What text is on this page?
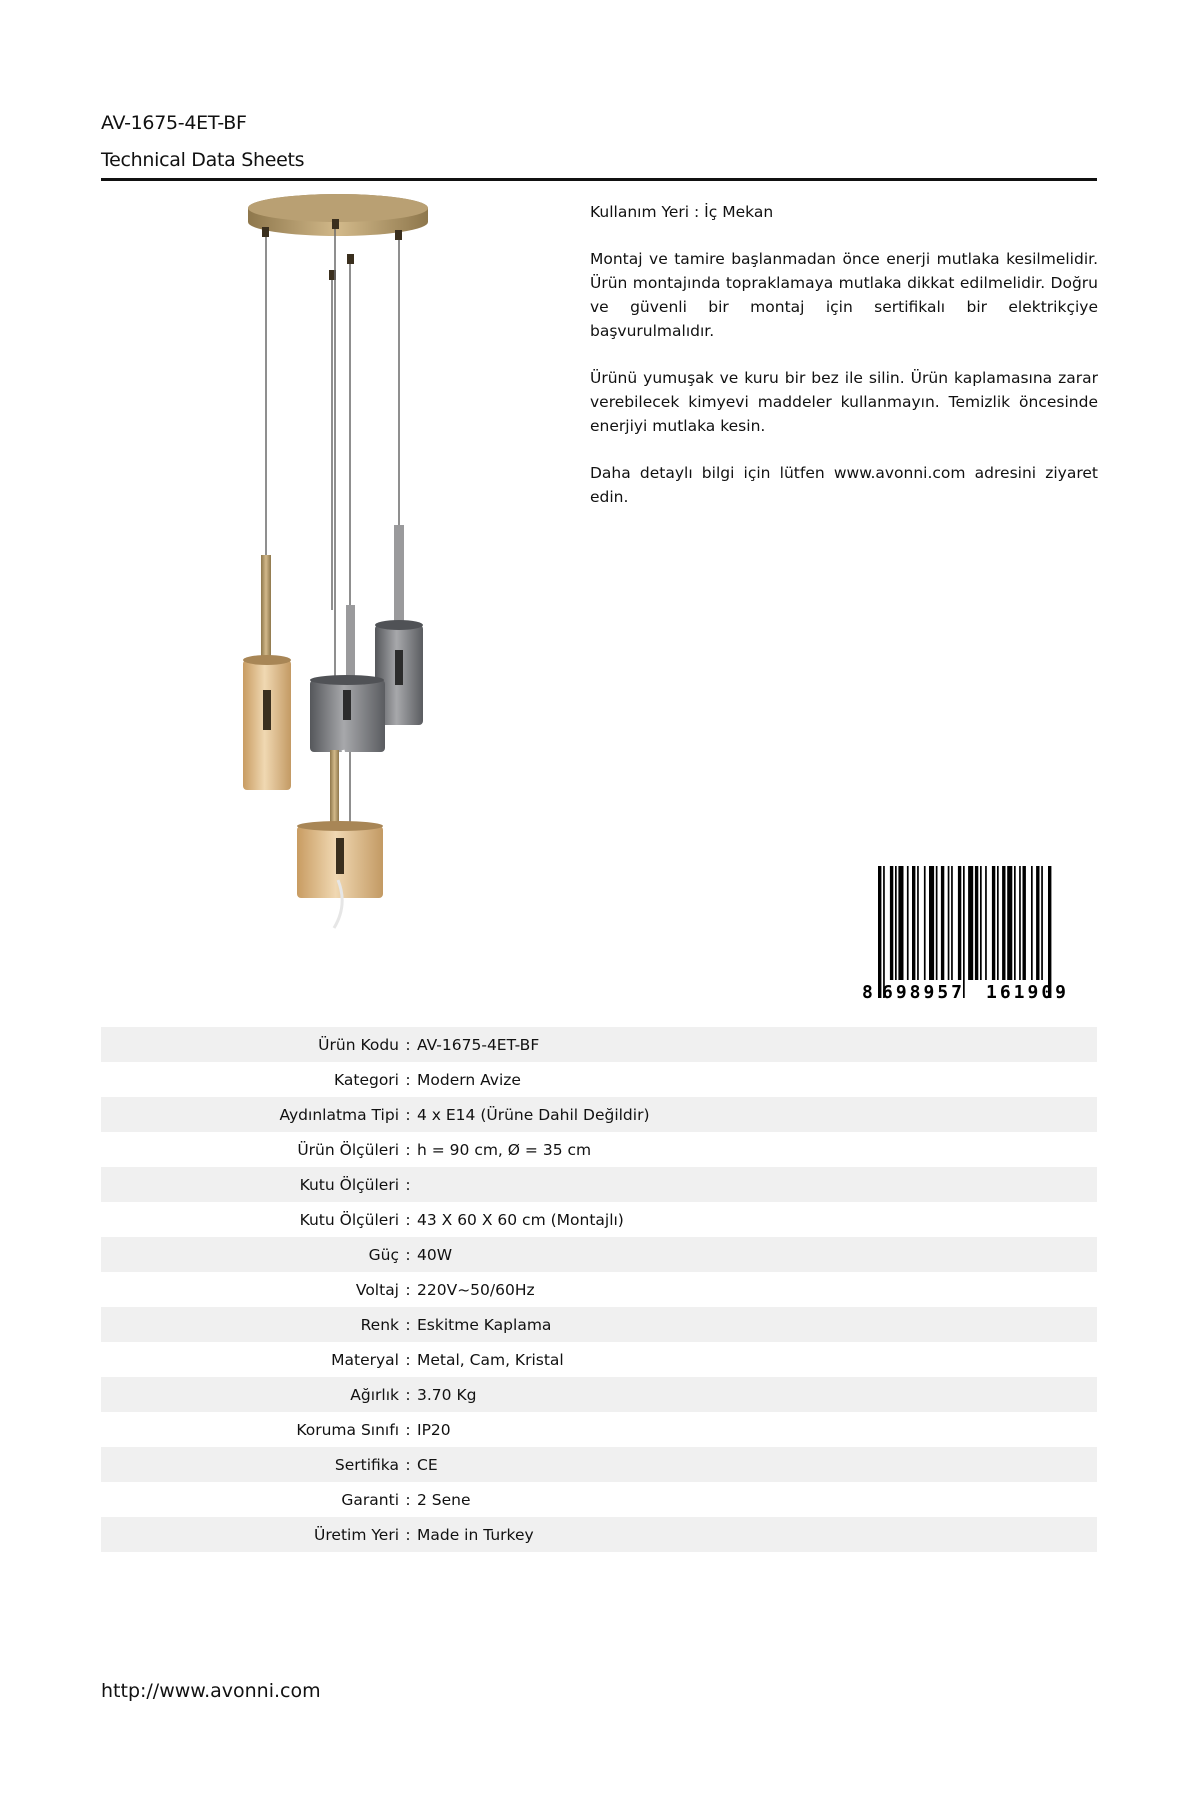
AV-1675-4ET-BF
Technical Data Sheets

Kullanım Yeri : İç Mekan

Montaj ve tamire başlanmadan önce enerji mutlaka kesilmelidir. Ürün montajında topraklamaya mutlaka dikkat edilmelidir. Doğru ve güvenli bir montaj için sertifikalı bir elektrikçiye başvurulmalıdır.

Ürünü yumuşak ve kuru bir bez ile silin. Ürün kaplamasına zarar verebilecek kimyevi maddeler kullanmayın. Temizlik öncesinde enerjiyi mutlaka kesin.

Daha detaylı bilgi için lütfen www.avonni.com adresini ziyaret edin.

8 698957 161909
Ürün Kodu : AV-1675-4ET-BF
Kategori : Modern Avize
Aydınlatma Tipi : 4 x E14 (Ürüne Dahil Değildir)
Ürün Ölçüleri : h = 90 cm, Ø = 35 cm
Kutu Ölçüleri :
Kutu Ölçüleri : 43 X 60 X 60 cm (Montajlı)
Güç : 40W
Voltaj : 220V~50/60Hz
Renk : Eskitme Kaplama
Materyal : Metal, Cam, Kristal
Ağırlık : 3.70 Kg
Koruma Sınıfı : IP20
Sertifika : CE
Garanti : 2 Sene
Üretim Yeri : Made in Turkey
http://www.avonni.com
